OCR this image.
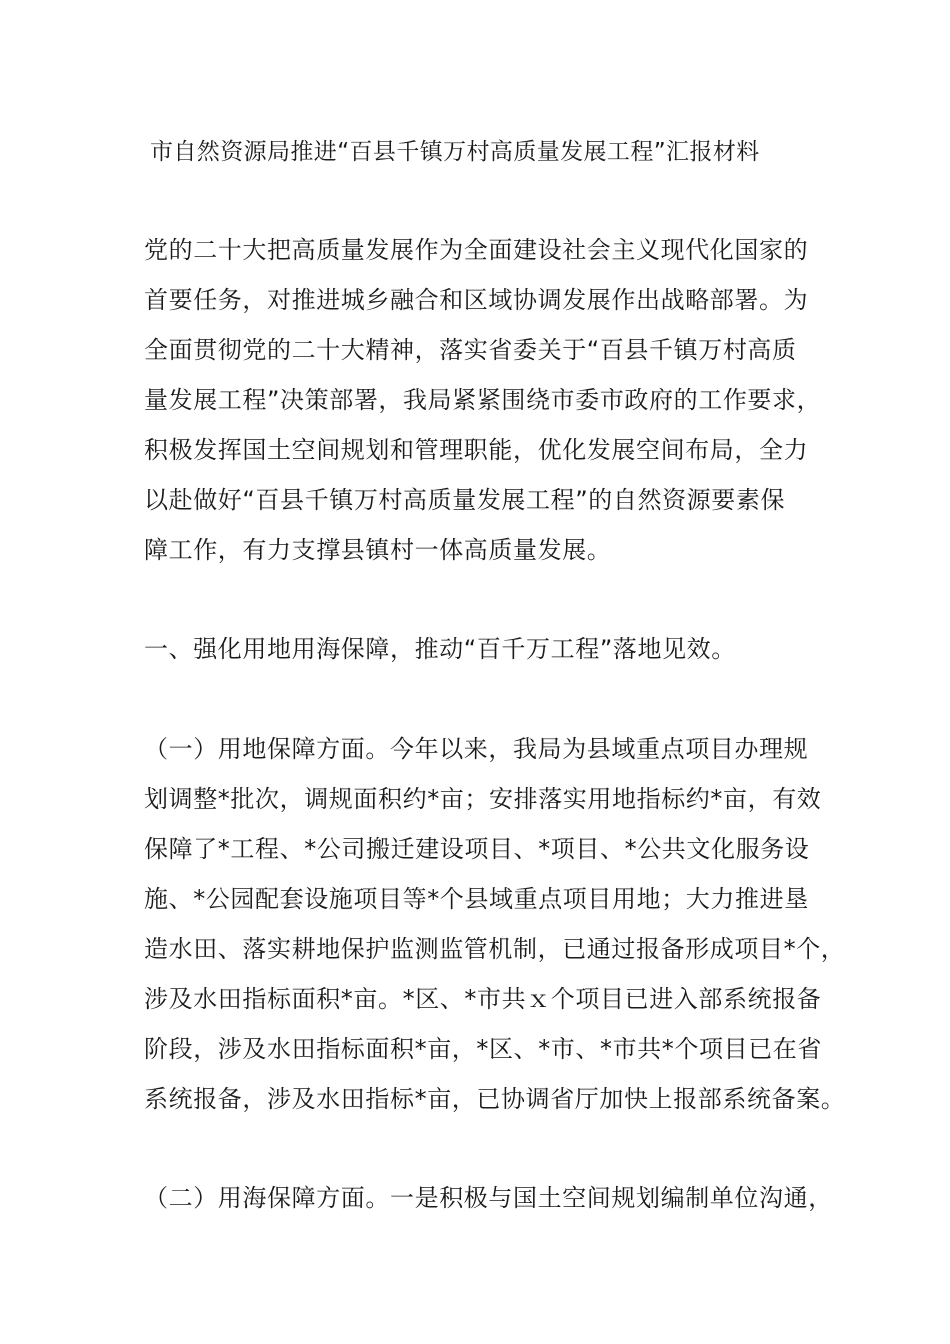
市自然资源局推进“百县千镇万村高质量发展工程”汇报材料
党的二十大把高质量发展作为全面建设社会主义现代化国家的
首要任务，对推进城乡融合和区域协调发展作出战略部署。为
全面贯彻党的二十大精神，落实省委关于“百县千镇万村高质
量发展工程”决策部署，我局紧紧围绕市委市政府的工作要求，
积极发挥国土空间规划和管理职能，优化发展空间布局，全力
以赴做好“百县千镇万村高质量发展工程”的自然资源要素保
障工作，有力支撑县镇村一体高质量发展。
一、强化用地用海保障，推动“百千万工程”落地见效。
（一）用地保障方面。今年以来，我局为县域重点项目办理规
划调整*批次，调规面积约*亩；安排落实用地指标约*亩，有效
保障了*工程、*公司搬迁建设项目、*项目、*公共文化服务设
施、*公园配套设施项目等*个县域重点项目用地；大力推进垦
造水田、落实耕地保护监测监管机制，已通过报备形成项目*个，
涉及水田指标面积*亩。*区、*市共ｘ个项目已进入部系统报备
阶段，涉及水田指标面积*亩，*区、*市、*市共*个项目已在省
系统报备，涉及水田指标*亩，已协调省厅加快上报部系统备案。
（二）用海保障方面。一是积极与国土空间规划编制单位沟通，
